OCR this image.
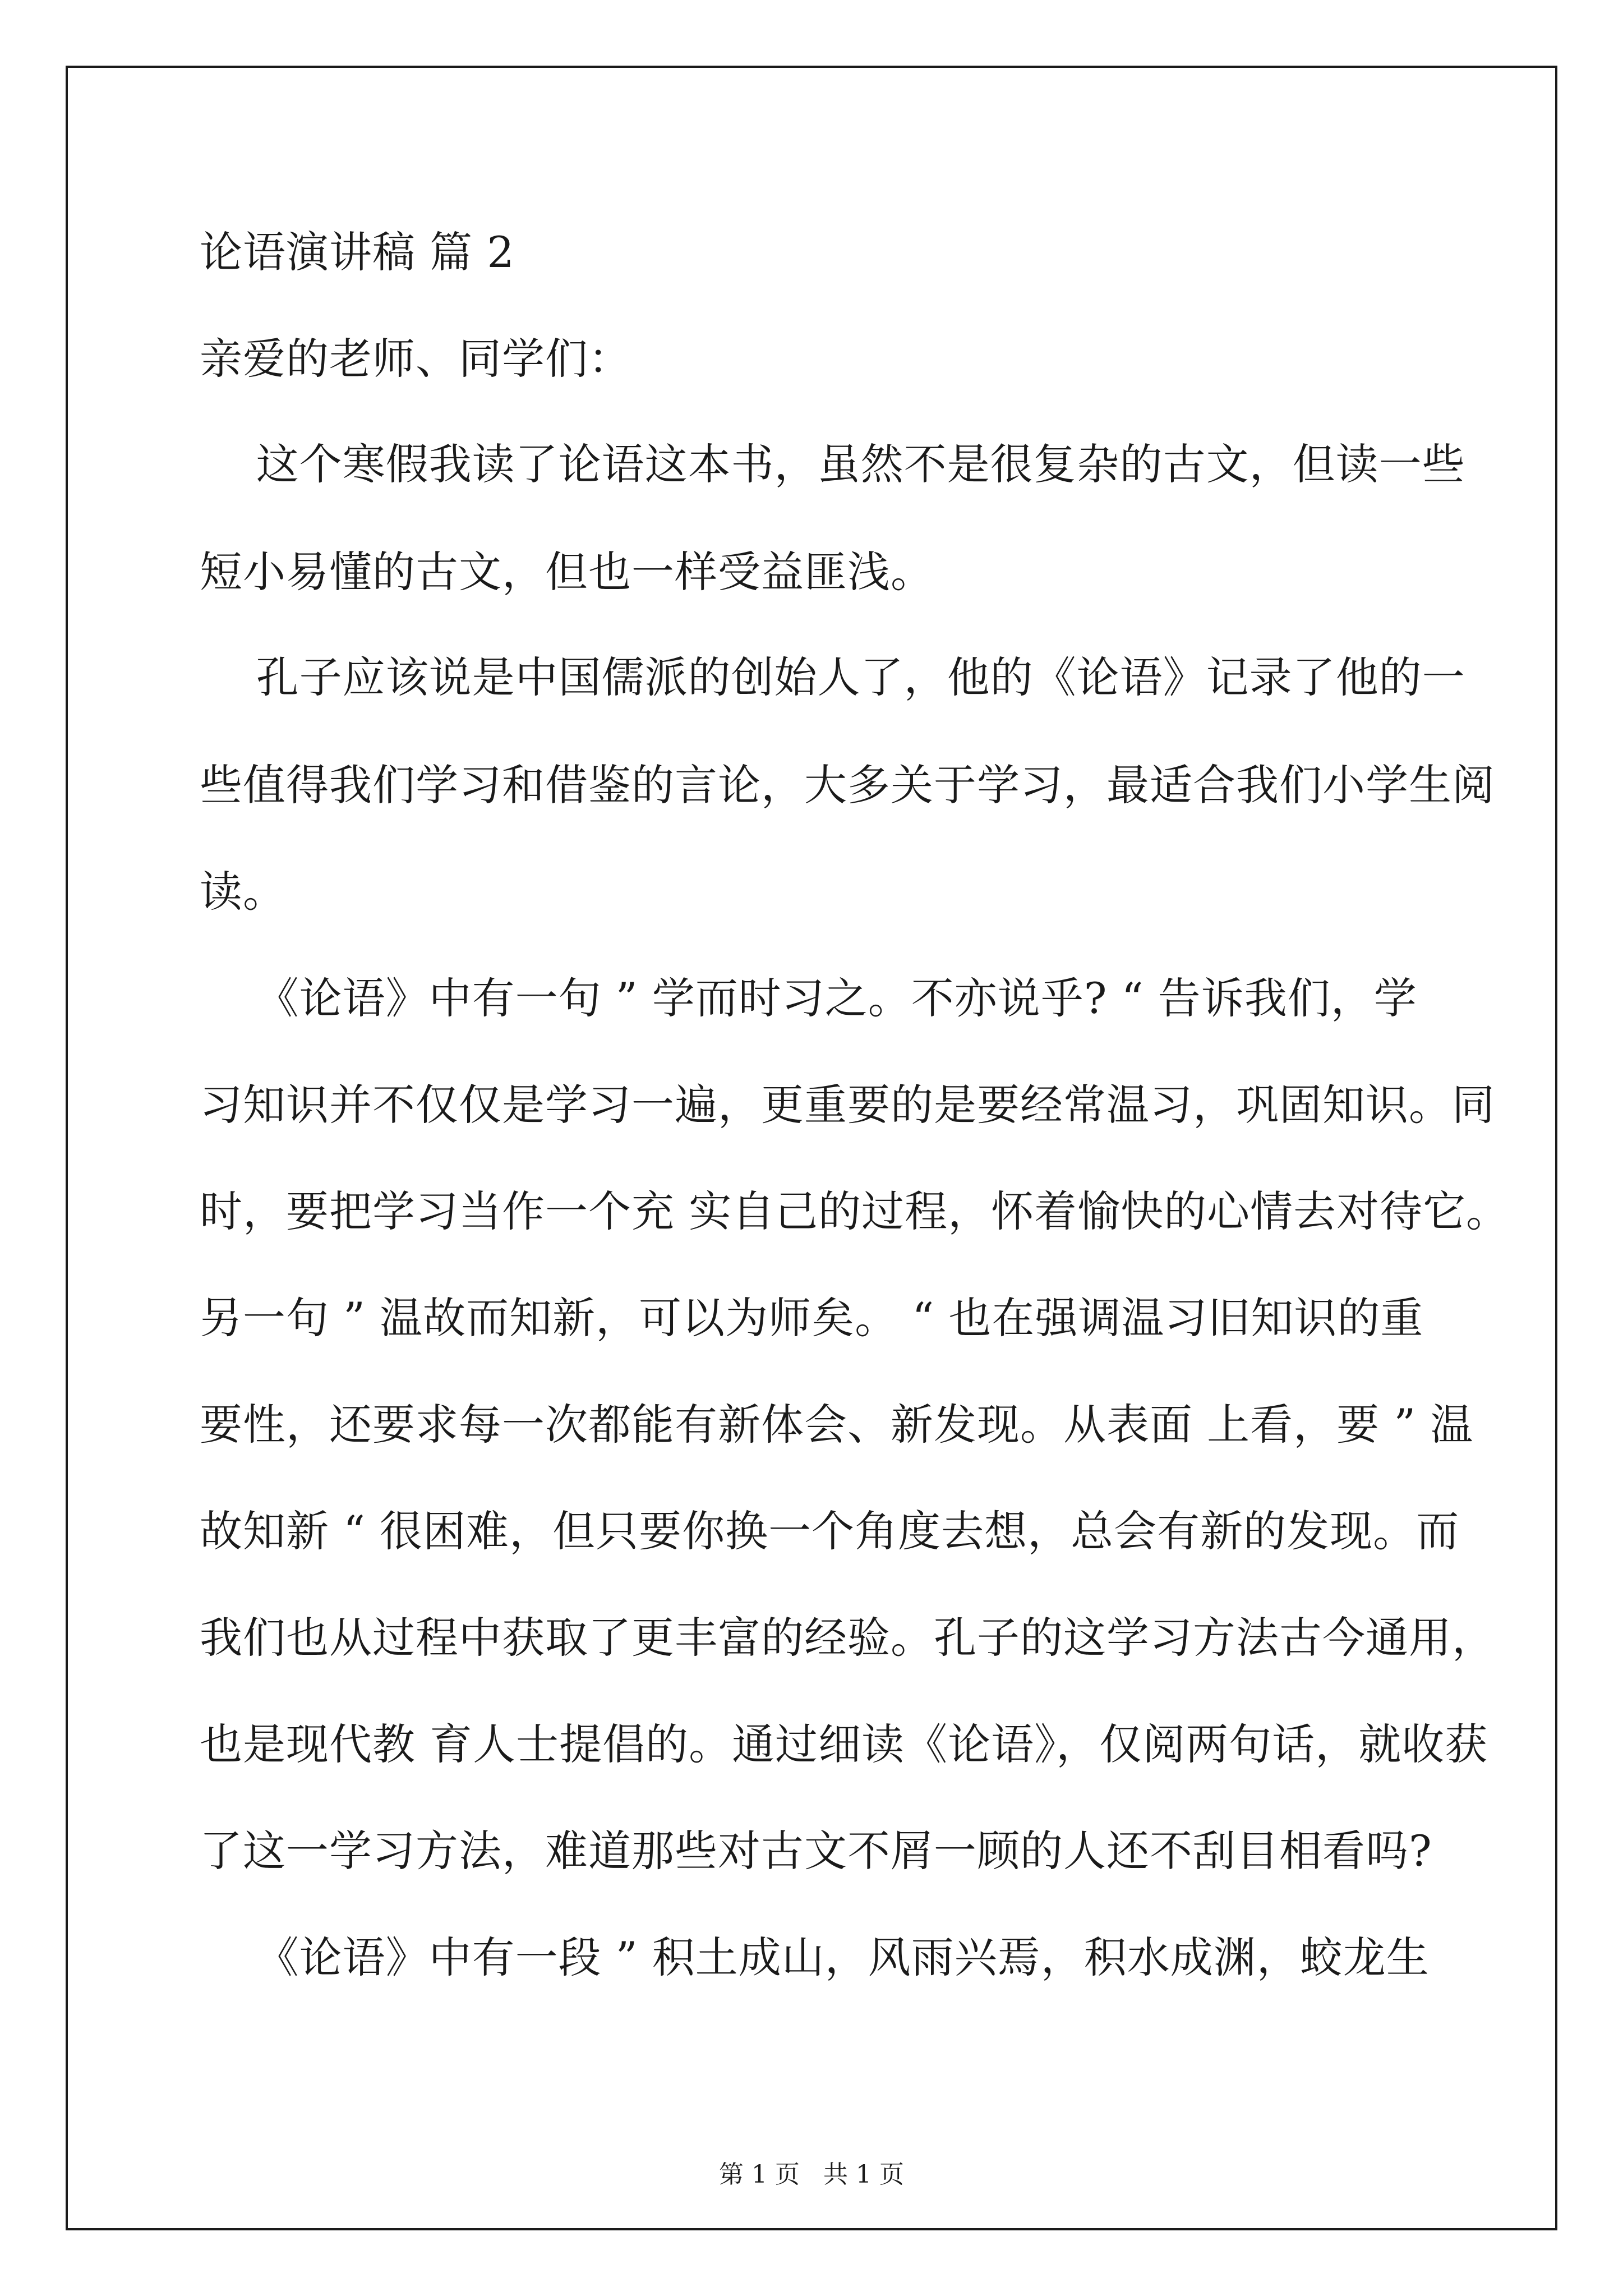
论语演讲稿 篇 2
亲爱的老师、同学们：
这个寒假我读了论语这本书，虽然不是很复杂的古文，但读一些
短小易懂的古文，但也一样受益匪浅。
孔子应该说是中国儒派的创始人了，他的《论语》记录了他的一
些值得我们学习和借鉴的言论，大多关于学习，最适合我们小学生阅
读。
《论语》中有一句 ” 学而时习之。不亦说乎? “ 告诉我们，学
习知识并不仅仅是学习一遍，更重要的是要经常温习，巩固知识。同
时，要把学习当作一个充 实自己的过程，怀着愉快的心情去对待它。
另一句 ” 温故而知新，可以为师矣。 “ 也在强调温习旧知识的重
要性，还要求每一次都能有新体会、新发现。从表面 上看，要 ” 温
故知新 “ 很困难，但只要你换一个角度去想，总会有新的发现。而
我们也从过程中获取了更丰富的经验。孔子的这学习方法古今通用，
也是现代教 育人士提倡的。通过细读《论语》，仅阅两句话，就收获
了这一学习方法，难道那些对古文不屑一顾的人还不刮目相看吗?
《论语》中有一段 ” 积土成山，风雨兴焉，积水成渊，蛟龙生
第 1 页   共 1 页
